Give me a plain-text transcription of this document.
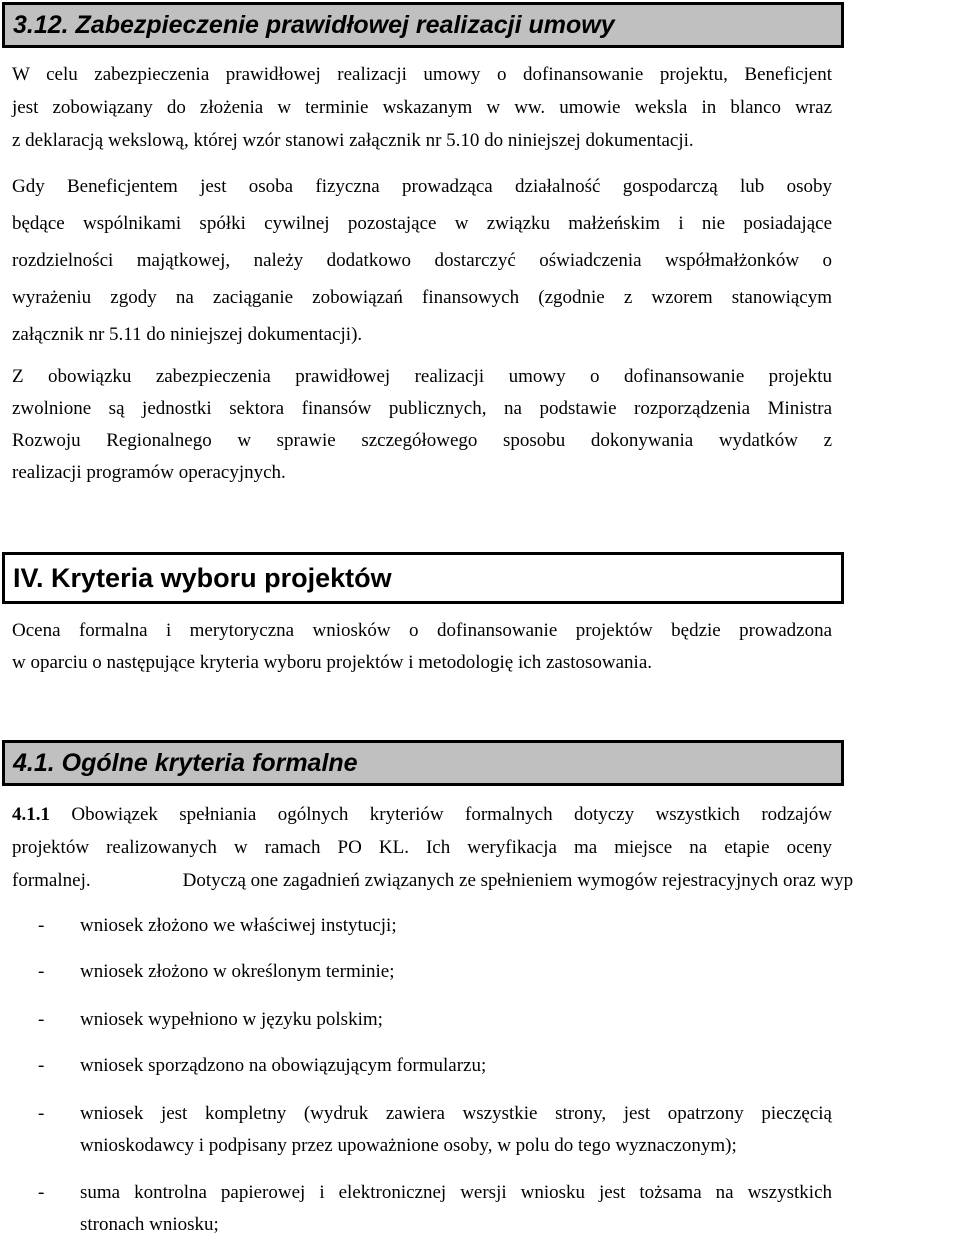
3.12. Zabezpieczenie prawidłowej realizacji umowy
W celu zabezpieczenia prawidłowej realizacji umowy o dofinansowanie projektu, Beneficjent
jest zobowiązany do złożenia w terminie wskazanym w ww. umowie weksla in blanco wraz
z deklaracją wekslową, której wzór stanowi załącznik nr 5.10 do niniejszej dokumentacji.
Gdy Beneficjentem jest osoba fizyczna prowadząca działalność gospodarczą lub osoby
będące wspólnikami spółki cywilnej pozostające w związku małżeńskim i nie posiadające
rozdzielności majątkowej, należy dodatkowo dostarczyć oświadczenia współmałżonków o
wyrażeniu zgody na zaciąganie zobowiązań finansowych (zgodnie z wzorem stanowiącym
załącznik nr 5.11 do niniejszej dokumentacji).
Z obowiązku zabezpieczenia prawidłowej realizacji umowy o dofinansowanie projektu
zwolnione są jednostki sektora finansów publicznych, na podstawie rozporządzenia Ministra
Rozwoju Regionalnego w sprawie szczegółowego sposobu dokonywania wydatków z
realizacji programów operacyjnych.
IV. Kryteria wyboru projektów
Ocena formalna i merytoryczna wniosków o dofinansowanie projektów będzie prowadzona
w oparciu o następujące kryteria wyboru projektów i metodologię ich zastosowania.
4.1. Ogólne kryteria formalne
4.1.1 Obowiązek spełniania ogólnych kryteriów formalnych dotyczy wszystkich rodzajów
projektów realizowanych w ramach PO KL. Ich weryfikacja ma miejsce na etapie oceny
formalnej.	Dotyczą one zagadnień związanych ze spełnieniem wymogów rejestracyjnych oraz wyp
- wniosek złożono we właściwej instytucji;
- wniosek złożono w określonym terminie;
- wniosek wypełniono w języku polskim;
- wniosek sporządzono na obowiązującym formularzu;
- wniosek jest kompletny (wydruk zawiera wszystkie strony, jest opatrzony pieczęcią
wnioskodawcy i podpisany przez upoważnione osoby, w polu do tego wyznaczonym);
- suma kontrolna papierowej i elektronicznej wersji wniosku jest tożsama na wszystkich
stronach wniosku;
